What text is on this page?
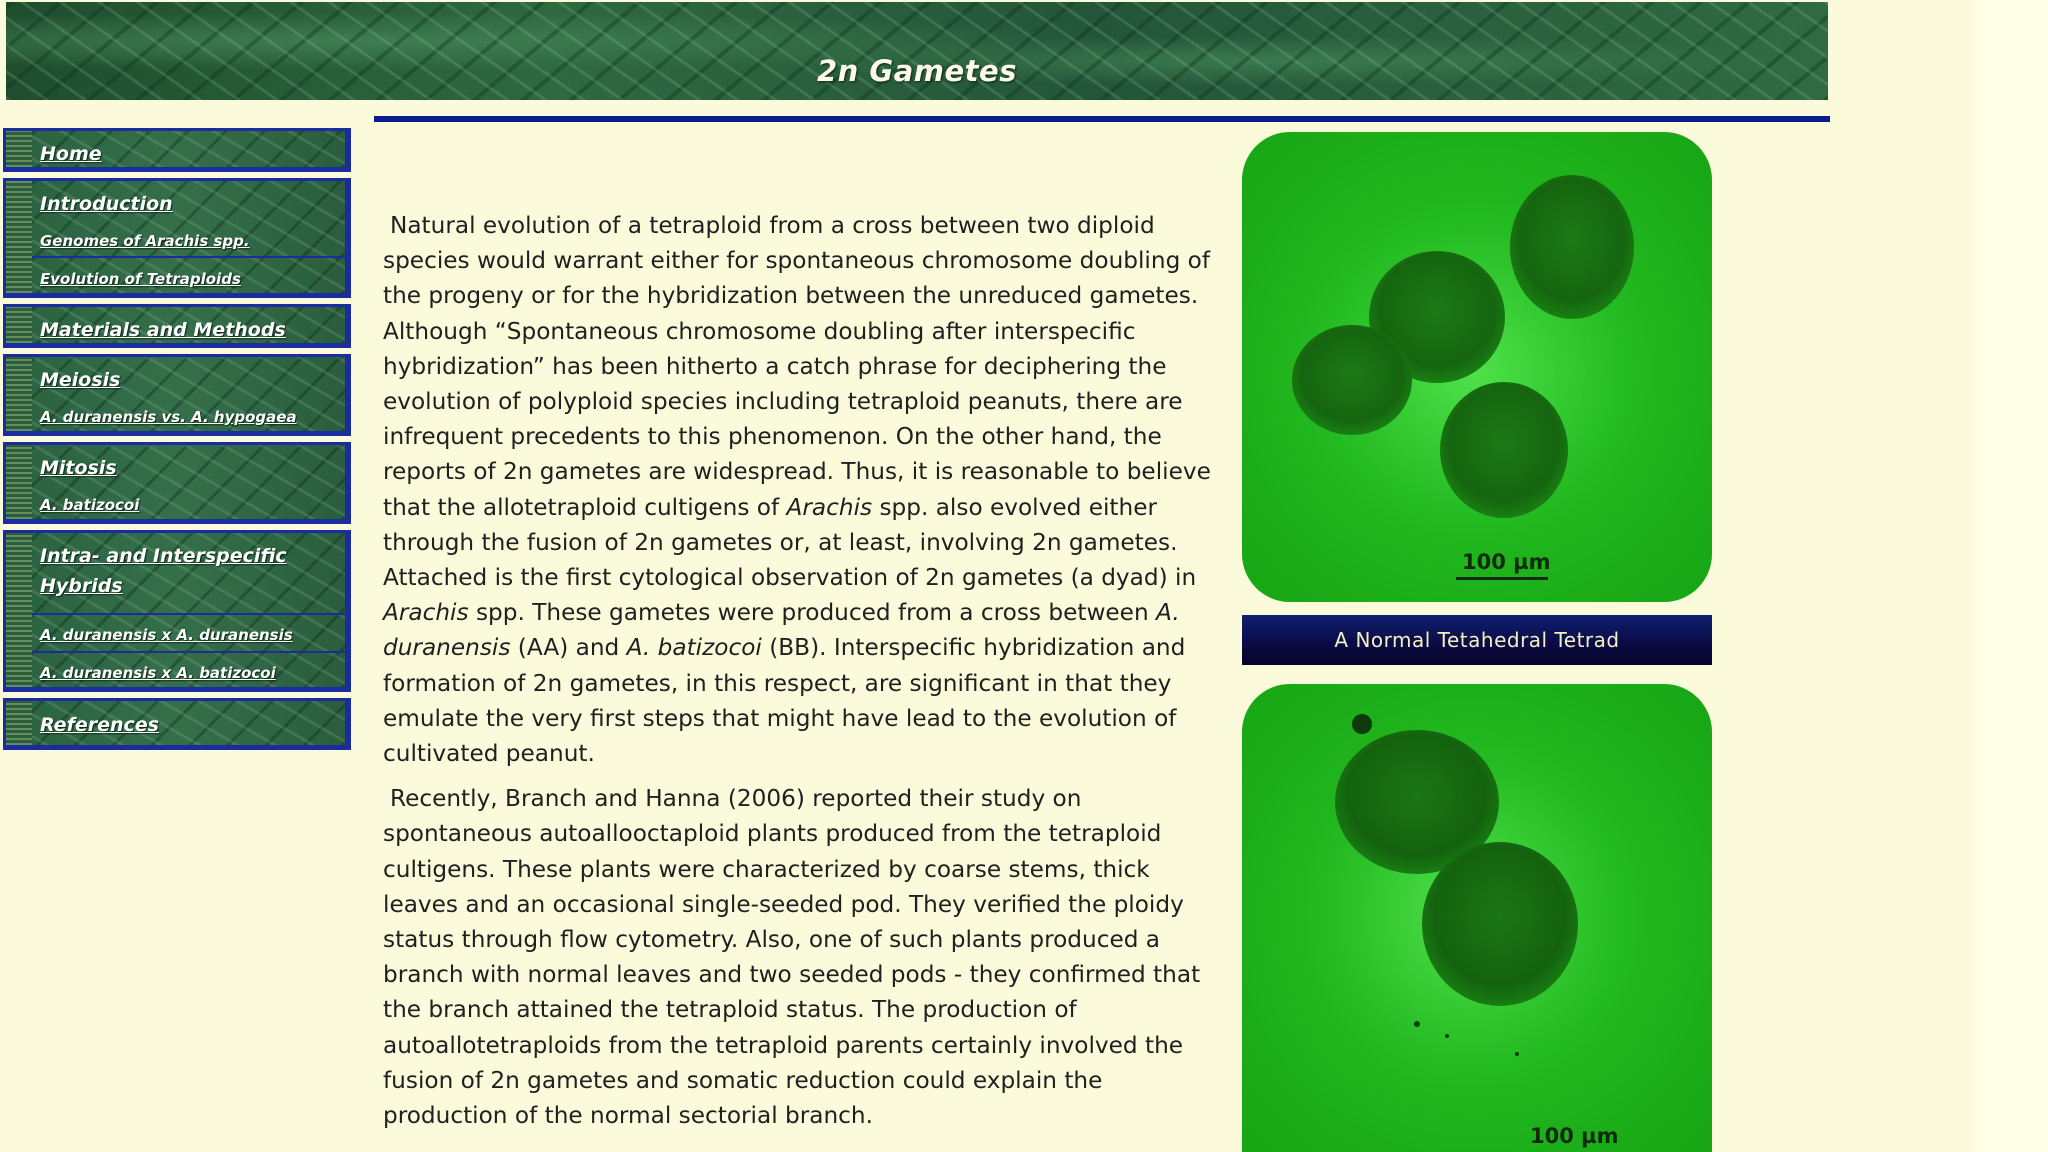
2n Gametes
Home
Introduction
Genomes of Arachis spp.
Evolution of Tetraploids
Materials and Methods
Meiosis
A. duranensis vs. A. hypogaea
Mitosis
A. batizocoi
Intra- and Interspecific
Hybrids
A. duranensis x A. duranensis
A. duranensis x A. batizocoi
References

Natural evolution of a tetraploid from a cross between two diploid species would warrant either for spontaneous chromosome doubling of the progeny or for the hybridization between the unreduced gametes. Although “Spontaneous chromosome doubling after interspecific hybridization” has been hitherto a catch phrase for deciphering the evolution of polyploid species including tetraploid peanuts, there are infrequent precedents to this phenomenon. On the other hand, the reports of 2n gametes are widespread. Thus, it is reasonable to believe that the allotetraploid cultigens of Arachis spp. also evolved either through the fusion of 2n gametes or, at least, involving 2n gametes. Attached is the first cytological observation of 2n gametes (a dyad) in Arachis spp. These gametes were produced from a cross between A. duranensis (AA) and A. batizocoi (BB). Interspecific hybridization and formation of 2n gametes, in this respect, are significant in that they emulate the very first steps that might have lead to the evolution of cultivated peanut.

Recently, Branch and Hanna (2006) reported their study on spontaneous autoallooctaploid plants produced from the tetraploid cultigens. These plants were characterized by coarse stems, thick leaves and an occasional single-seeded pod. They verified the ploidy status through flow cytometry. Also, one of such plants produced a branch with normal leaves and two seeded pods - they confirmed that the branch attained the tetraploid status. The production of autoallotetraploids from the tetraploid parents certainly involved the fusion of 2n gametes and somatic reduction could explain the production of the normal sectorial branch.

100 µm
A Normal Tetahedral Tetrad
100 µm
